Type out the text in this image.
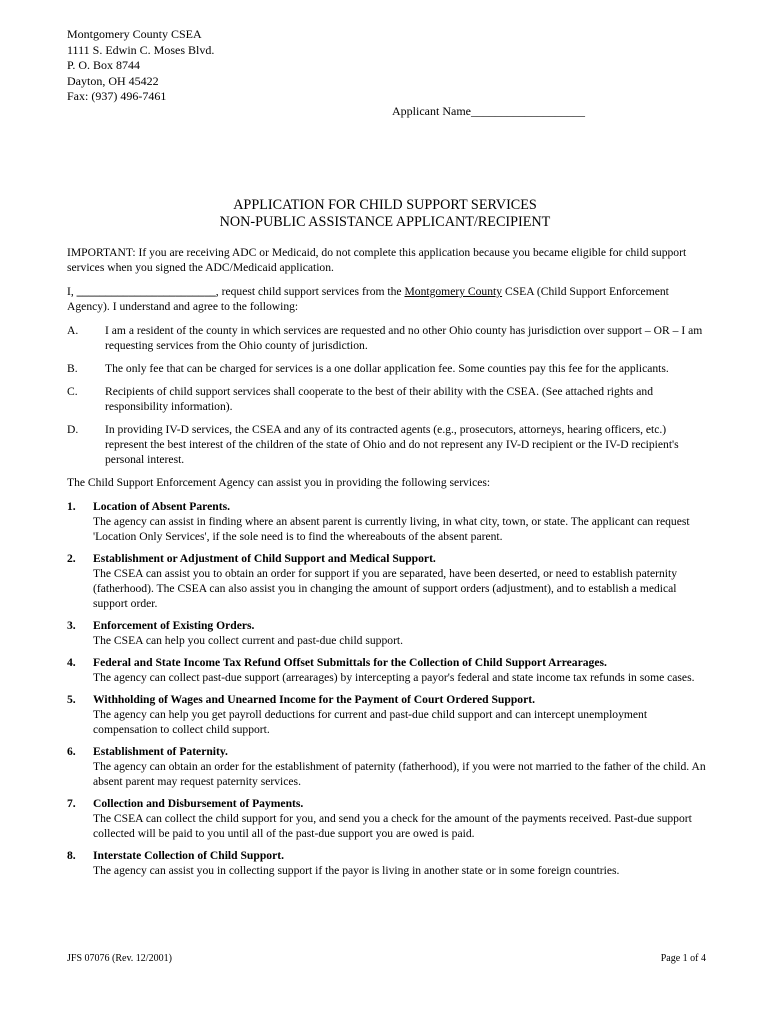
Montgomery County CSEA
1111 S. Edwin C. Moses Blvd.
P. O. Box 8744
Dayton, OH 45422
Fax: (937) 496-7461
Applicant Name___________________
APPLICATION FOR CHILD SUPPORT SERVICES
NON-PUBLIC ASSISTANCE APPLICANT/RECIPIENT

IMPORTANT: If you are receiving ADC or Medicaid, do not complete this application because you became eligible for child support services when you signed the ADC/Medicaid application.

I, ________________________, request child support services from the Montgomery County CSEA (Child Support Enforcement Agency). I understand and agree to the following:

A. I am a resident of the county in which services are requested and no other Ohio county has jurisdiction over support – OR – I am requesting services from the Ohio county of jurisdiction.
B. The only fee that can be charged for services is a one dollar application fee. Some counties pay this fee for the applicants.
C. Recipients of child support services shall cooperate to the best of their ability with the CSEA. (See attached rights and responsibility information).
D. In providing IV-D services, the CSEA and any of its contracted agents (e.g., prosecutors, attorneys, hearing officers, etc.) represent the best interest of the children of the state of Ohio and do not represent any IV-D recipient or the IV-D recipient's personal interest.

The Child Support Enforcement Agency can assist you in providing the following services:

1. Location of Absent Parents.
The agency can assist in finding where an absent parent is currently living, in what city, town, or state. The applicant can request 'Location Only Services', if the sole need is to find the whereabouts of the absent parent.
2. Establishment or Adjustment of Child Support and Medical Support.
The CSEA can assist you to obtain an order for support if you are separated, have been deserted, or need to establish paternity (fatherhood). The CSEA can also assist you in changing the amount of support orders (adjustment), and to establish a medical support order.
3. Enforcement of Existing Orders.
The CSEA can help you collect current and past-due child support.
4. Federal and State Income Tax Refund Offset Submittals for the Collection of Child Support Arrearages.
The agency can collect past-due support (arrearages) by intercepting a payor's federal and state income tax refunds in some cases.
5. Withholding of Wages and Unearned Income for the Payment of Court Ordered Support.
The agency can help you get payroll deductions for current and past-due child support and can intercept unemployment compensation to collect child support.
6. Establishment of Paternity.
The agency can obtain an order for the establishment of paternity (fatherhood), if you were not married to the father of the child. An absent parent may request paternity services.
7. Collection and Disbursement of Payments.
The CSEA can collect the child support for you, and send you a check for the amount of the payments received. Past-due support collected will be paid to you until all of the past-due support you are owed is paid.
8. Interstate Collection of Child Support.
The agency can assist you in collecting support if the payor is living in another state or in some foreign countries.
JFS 07076 (Rev. 12/2001)	Page 1 of 4
